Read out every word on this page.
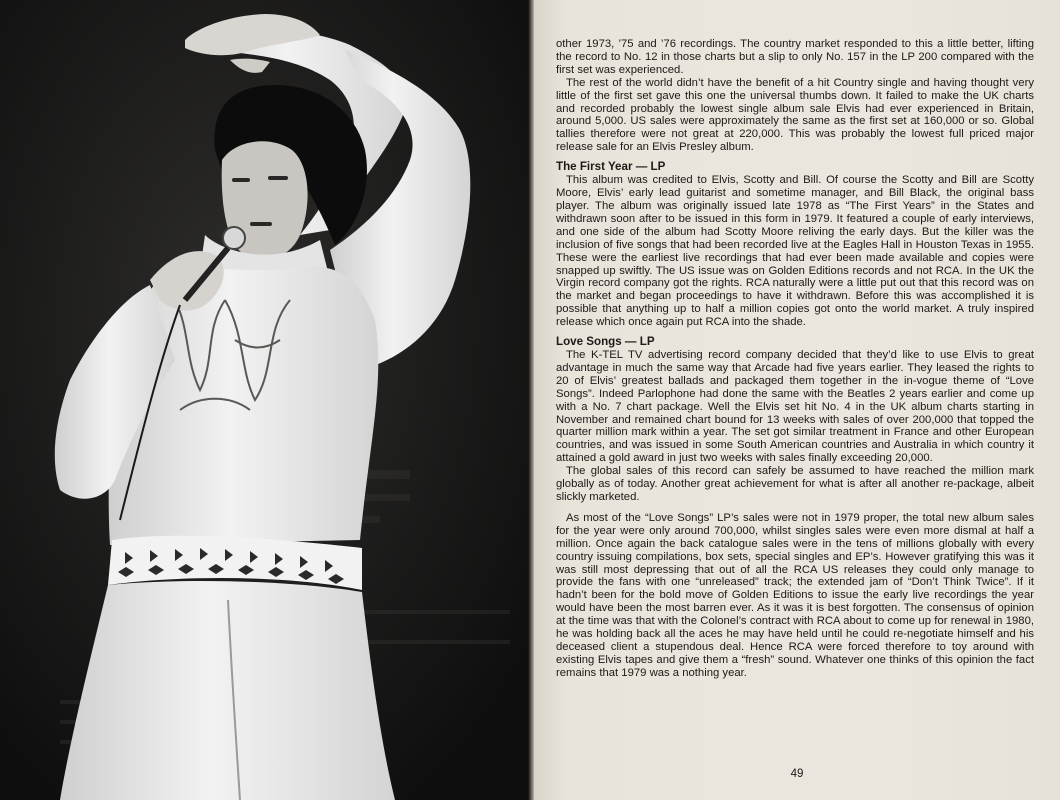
other 1973, ’75 and ’76 recordings. The country market responded to this a little better, lifting the record to No. 12 in those charts but a slip to only No. 157 in the LP 200 compared with the first set was experienced.

The rest of the world didn’t have the benefit of a hit Country single and having thought very little of the first set gave this one the universal thumbs down. It failed to make the UK charts and recorded probably the lowest single album sale Elvis had ever experienced in Britain, around 5,000. US sales were approximately the same as the first set at 160,000 or so. Global tallies therefore were not great at 220,000. This was probably the lowest full priced major release sale for an Elvis Presley album.

The First Year — LP

This album was credited to Elvis, Scotty and Bill. Of course the Scotty and Bill are Scotty Moore, Elvis’ early lead guitarist and sometime manager, and Bill Black, the original bass player. The album was originally issued late 1978 as “The First Years” in the States and withdrawn soon after to be issued in this form in 1979. It featured a couple of early interviews, and one side of the album had Scotty Moore reliving the early days. But the killer was the inclusion of five songs that had been recorded live at the Eagles Hall in Houston Texas in 1955. These were the earliest live recordings that had ever been made available and copies were snapped up swiftly. The US issue was on Golden Editions records and not RCA. In the UK the Virgin record company got the rights. RCA naturally were a little put out that this record was on the market and began proceedings to have it withdrawn. Before this was accomplished it is possible that anything up to half a million copies got onto the world market. A truly inspired release which once again put RCA into the shade.

Love Songs — LP

The K-TEL TV advertising record company decided that they’d like to use Elvis to great advantage in much the same way that Arcade had five years earlier. They leased the rights to 20 of Elvis’ greatest ballads and packaged them together in the in-vogue theme of “Love Songs”. Indeed Parlophone had done the same with the Beatles 2 years earlier and come up with a No. 7 chart package. Well the Elvis set hit No. 4 in the UK album charts starting in November and remained chart bound for 13 weeks with sales of over 200,000 that topped the quarter million mark within a year. The set got similar treatment in France and other European countries, and was issued in some South American countries and Australia in which country it attained a gold award in just two weeks with sales finally exceeding 20,000.

The global sales of this record can safely be assumed to have reached the million mark globally as of today. Another great achievement for what is after all another re-package, albeit slickly marketed.

As most of the “Love Songs” LP’s sales were not in 1979 proper, the total new album sales for the year were only around 700,000, whilst singles sales were even more dismal at half a million. Once again the back catalogue sales were in the tens of millions globally with every country issuing compilations, box sets, special singles and EP’s. However gratifying this was it was still most depressing that out of all the RCA US releases they could only manage to provide the fans with one “unreleased” track; the extended jam of “Don’t Think Twice”. If it hadn’t been for the bold move of Golden Editions to issue the early live recordings the year would have been the most barren ever. As it was it is best forgotten. The consensus of opinion at the time was that with the Colonel’s contract with RCA about to come up for renewal in 1980, he was holding back all the aces he may have held until he could re-negotiate himself and his deceased client a stupendous deal. Hence RCA were forced therefore to toy around with existing Elvis tapes and give them a “fresh” sound. Whatever one thinks of this opinion the fact remains that 1979 was a nothing year.

49
